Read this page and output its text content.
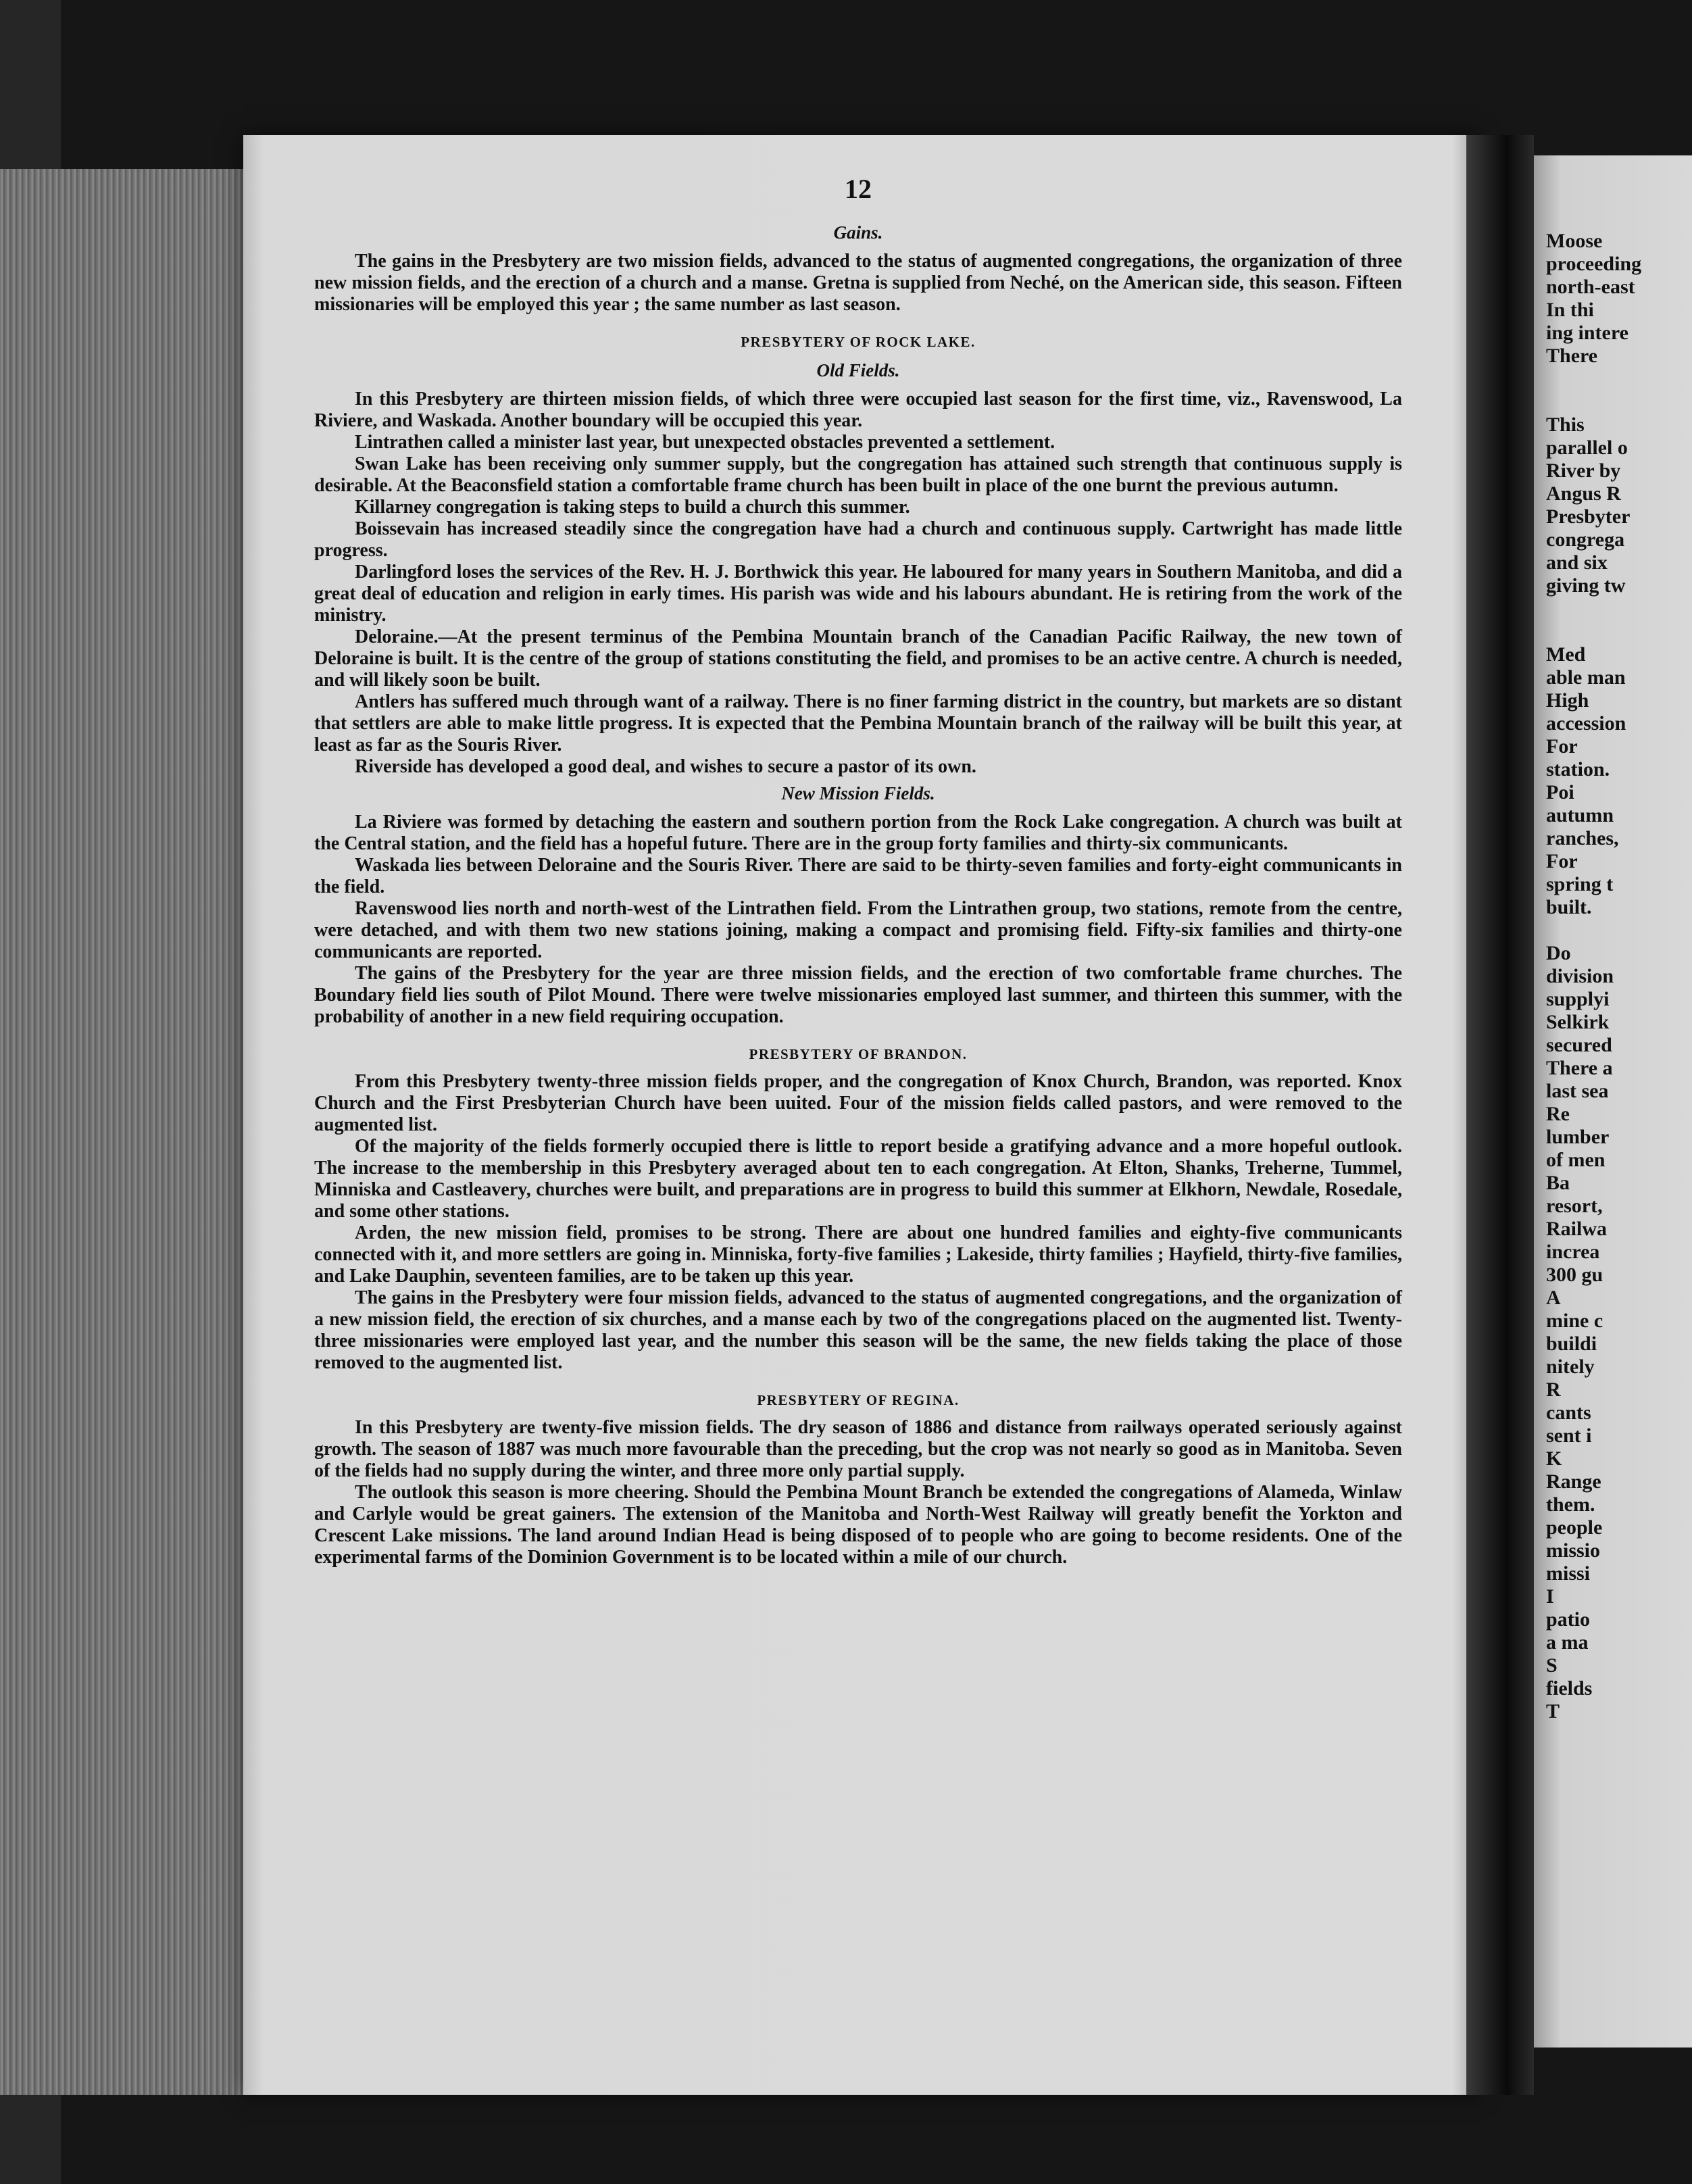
Moose
proceeding
north-east
In thi
ing intere
There

This
parallel o
River by
Angus R
Presbyter
congrega
and six
giving tw

Med
able man
High
accession
For
station.
Poi
autumn
ranches,
For
spring t
built.

Do
division
supplyi
Selkirk
secured
There a
last sea
Re
lumber
of men
Ba
resort,
Railwa
increa
300 gu
A
mine c
buildi
nitely
R
cants
sent i
K
Range
them.
people
missio
missi
I
patio
a ma
S
fields
T
12
Gains.

The gains in the Presbytery are two mission fields, advanced to the status of augmented congregations, the organization of three new mission fields, and the erection of a church and a manse. Gretna is supplied from Neché, on the American side, this season. Fifteen missionaries will be employed this year ; the same number as last season.

PRESBYTERY OF ROCK LAKE.
Old Fields.

In this Presbytery are thirteen mission fields, of which three were occupied last season for the first time, viz., Ravenswood, La Riviere, and Waskada. Another boundary will be occupied this year.

Lintrathen called a minister last year, but unexpected obstacles prevented a settlement.

Swan Lake has been receiving only summer supply, but the congregation has attained such strength that continuous supply is desirable. At the Beaconsfield station a comfortable frame church has been built in place of the one burnt the previous autumn.

Killarney congregation is taking steps to build a church this summer.

Boissevain has increased steadily since the congregation have had a church and continuous supply. Cartwright has made little progress.

Darlingford loses the services of the Rev. H. J. Borthwick this year. He laboured for many years in Southern Manitoba, and did a great deal of education and religion in early times. His parish was wide and his labours abundant. He is retiring from the work of the ministry.

Deloraine.—At the present terminus of the Pembina Mountain branch of the Canadian Pacific Railway, the new town of Deloraine is built. It is the centre of the group of stations constituting the field, and promises to be an active centre. A church is needed, and will likely soon be built.

Antlers has suffered much through want of a railway. There is no finer farming district in the country, but markets are so distant that settlers are able to make little progress. It is expected that the Pembina Mountain branch of the railway will be built this year, at least as far as the Souris River.

Riverside has developed a good deal, and wishes to secure a pastor of its own.

New Mission Fields.

La Riviere was formed by detaching the eastern and southern portion from the Rock Lake congregation. A church was built at the Central station, and the field has a hopeful future. There are in the group forty families and thirty-six communicants.

Waskada lies between Deloraine and the Souris River. There are said to be thirty-seven families and forty-eight communicants in the field.

Ravenswood lies north and north-west of the Lintrathen field. From the Lintrathen group, two stations, remote from the centre, were detached, and with them two new stations joining, making a compact and promising field. Fifty-six families and thirty-one communicants are reported.

The gains of the Presbytery for the year are three mission fields, and the erection of two comfortable frame churches. The Boundary field lies south of Pilot Mound. There were twelve missionaries employed last summer, and thirteen this summer, with the probability of another in a new field requiring occupation.

PRESBYTERY OF BRANDON.

From this Presbytery twenty-three mission fields proper, and the congregation of Knox Church, Brandon, was reported. Knox Church and the First Presbyterian Church have been uuited. Four of the mission fields called pastors, and were removed to the augmented list.

Of the majority of the fields formerly occupied there is little to report beside a gratifying advance and a more hopeful outlook. The increase to the membership in this Presbytery averaged about ten to each congregation. At Elton, Shanks, Treherne, Tummel, Minniska and Castleavery, churches were built, and preparations are in progress to build this summer at Elkhorn, Newdale, Rosedale, and some other stations.

Arden, the new mission field, promises to be strong. There are about one hundred families and eighty-five communicants connected with it, and more settlers are going in. Minniska, forty-five families ; Lakeside, thirty families ; Hayfield, thirty-five families, and Lake Dauphin, seventeen families, are to be taken up this year.

The gains in the Presbytery were four mission fields, advanced to the status of augmented congregations, and the organization of a new mission field, the erection of six churches, and a manse each by two of the congregations placed on the augmented list. Twenty-three missionaries were employed last year, and the number this season will be the same, the new fields taking the place of those removed to the augmented list.

PRESBYTERY OF REGINA.

In this Presbytery are twenty-five mission fields. The dry season of 1886 and distance from railways operated seriously against growth. The season of 1887 was much more favourable than the preceding, but the crop was not nearly so good as in Manitoba. Seven of the fields had no supply during the winter, and three more only partial supply.

The outlook this season is more cheering. Should the Pembina Mount Branch be extended the congregations of Alameda, Winlaw and Carlyle would be great gainers. The extension of the Manitoba and North-West Railway will greatly benefit the Yorkton and Crescent Lake missions. The land around Indian Head is being disposed of to people who are going to become residents. One of the experimental farms of the Dominion Government is to be located within a mile of our church.
